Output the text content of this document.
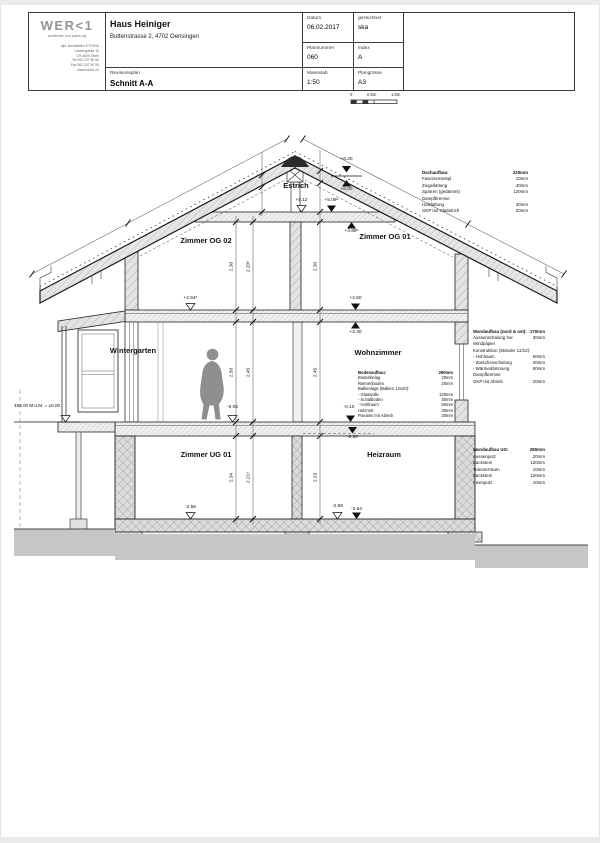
WER<1
architekten und planer ag
dipl. Architekten ETH/SIA
Leberngasse 15
CH-4600 Olten
Tel 062 207 50 50
Fax 062 207 50 59
www.werk1.ch
Haus Heiniger
Buttenstrasse 2, 4702 Oensingen
Revisionsplan
Schnitt A-A
Datum
06.02.2017
gezeichnet
ska
Plannummer
060
Index
A
Massstab
1:50
Plangrösse
A3
0	0.5m	1.0m
Estrich
Zimmer OG 02	Zimmer OG 01
Wintergarten	Wohnzimmer
Zimmer UG 01	Heizraum
+6.20
+6.00
+5.12	+5.09⁵
+4.89⁵
+2.64⁵	+2.60
+2.40
-0.05	-0.10
-0.30
-2.56	-2.59
-2.64
489.00 M.ü.M. = ±0.00
2.30	2.20⁵	2.30
2.50	2.45	2.45
2.34	2.21⁵	2.23
Dachaufbau:	220mm
Faserzementpl.	10mm
Ziegellattung	40mm
Sparren (gedämmt)	120mm
Dampfbremse
Holzlattung	30mm
GKP mit Glattstrich	20mm
Wandaufbau (nord & ost): 170mm
Aussenschalung hor.	30mm
Windpapier
Konstruktion (Ständer 12/12):
- Hohlraum	50mm
- Zwischenschalung	20mm
- Wärmedämmung	50mm
Dampfbremse
GKP mit Abrieb	20mm
Bodenaufbau:	290mm
Bodenbelag	20mm
Riemenboden	20mm
Balkenlage (Balken 12x20):
- Glaswolle	120mm
- Schalboden	30mm
- Hohlraum	50mm
Holzrost	30mm
Pavatex mit Abrieb	20mm
Wandaufbau UG:	280mm
Aussenputz	20mm
Backstein	120mm
Toleranzraum	10mm
Backstein	120mm
Innenputz	10mm
